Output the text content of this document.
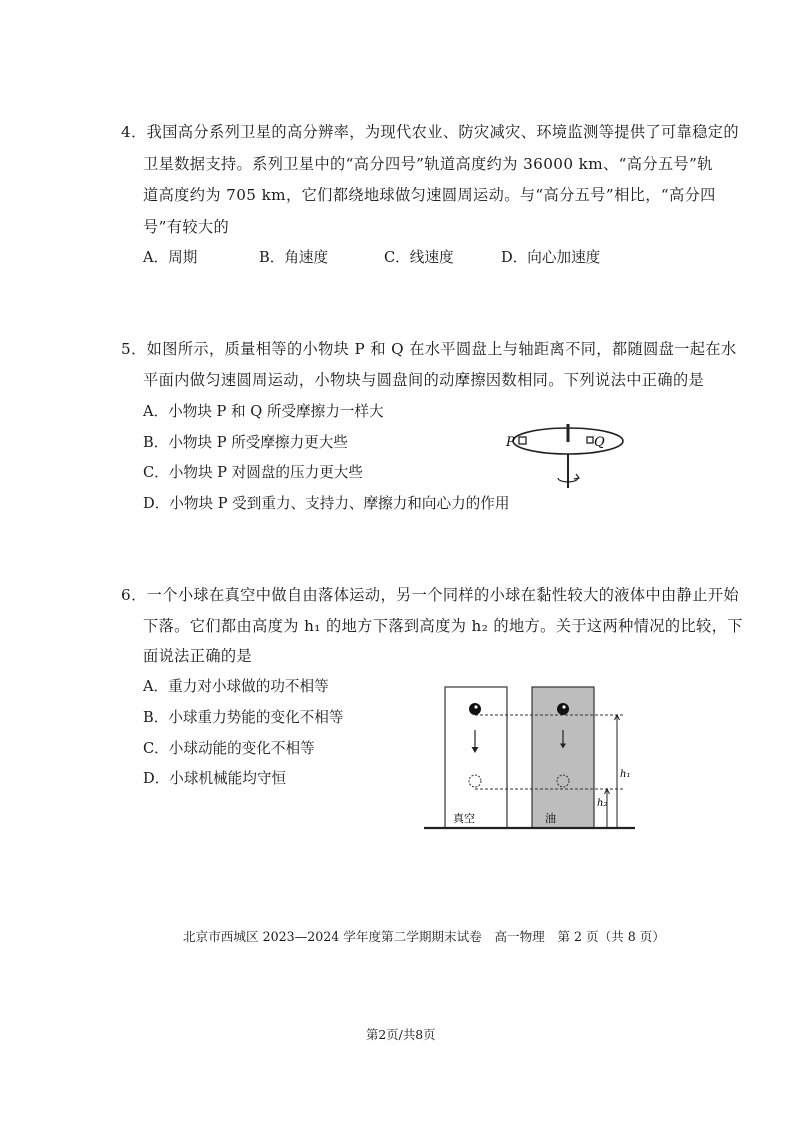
4．我国高分系列卫星的高分辨率，为现代农业、防灾减灾、环境监测等提供了可靠稳定的
卫星数据支持。系列卫星中的“高分四号”轨道高度约为 36000 km、“高分五号”轨
道高度约为 705 km，它们都绕地球做匀速圆周运动。与“高分五号”相比，“高分四
号”有较大的
A．周期	B．角速度	C．线速度	D．向心加速度
5．如图所示，质量相等的小物块 P 和 Q 在水平圆盘上与轴距离不同，都随圆盘一起在水
平面内做匀速圆周运动，小物块与圆盘间的动摩擦因数相同。下列说法中正确的是
A．小物块 P 和 Q 所受摩擦力一样大
B．小物块 P 所受摩擦力更大些
C．小物块 P 对圆盘的压力更大些
D．小物块 P 受到重力、支持力、摩擦力和向心力的作用
P	Q
6．一个小球在真空中做自由落体运动，另一个同样的小球在黏性较大的液体中由静止开始
下落。它们都由高度为 h₁ 的地方下落到高度为 h₂ 的地方。关于这两种情况的比较，下
面说法正确的是
A．重力对小球做的功不相等
B．小球重力势能的变化不相等
C．小球动能的变化不相等
D．小球机械能均守恒	h₁
h₂
真空	油
北京市西城区 2023—2024 学年度第二学期期末试卷　高一物理　第 2 页（共 8 页）
第2页/共8页
